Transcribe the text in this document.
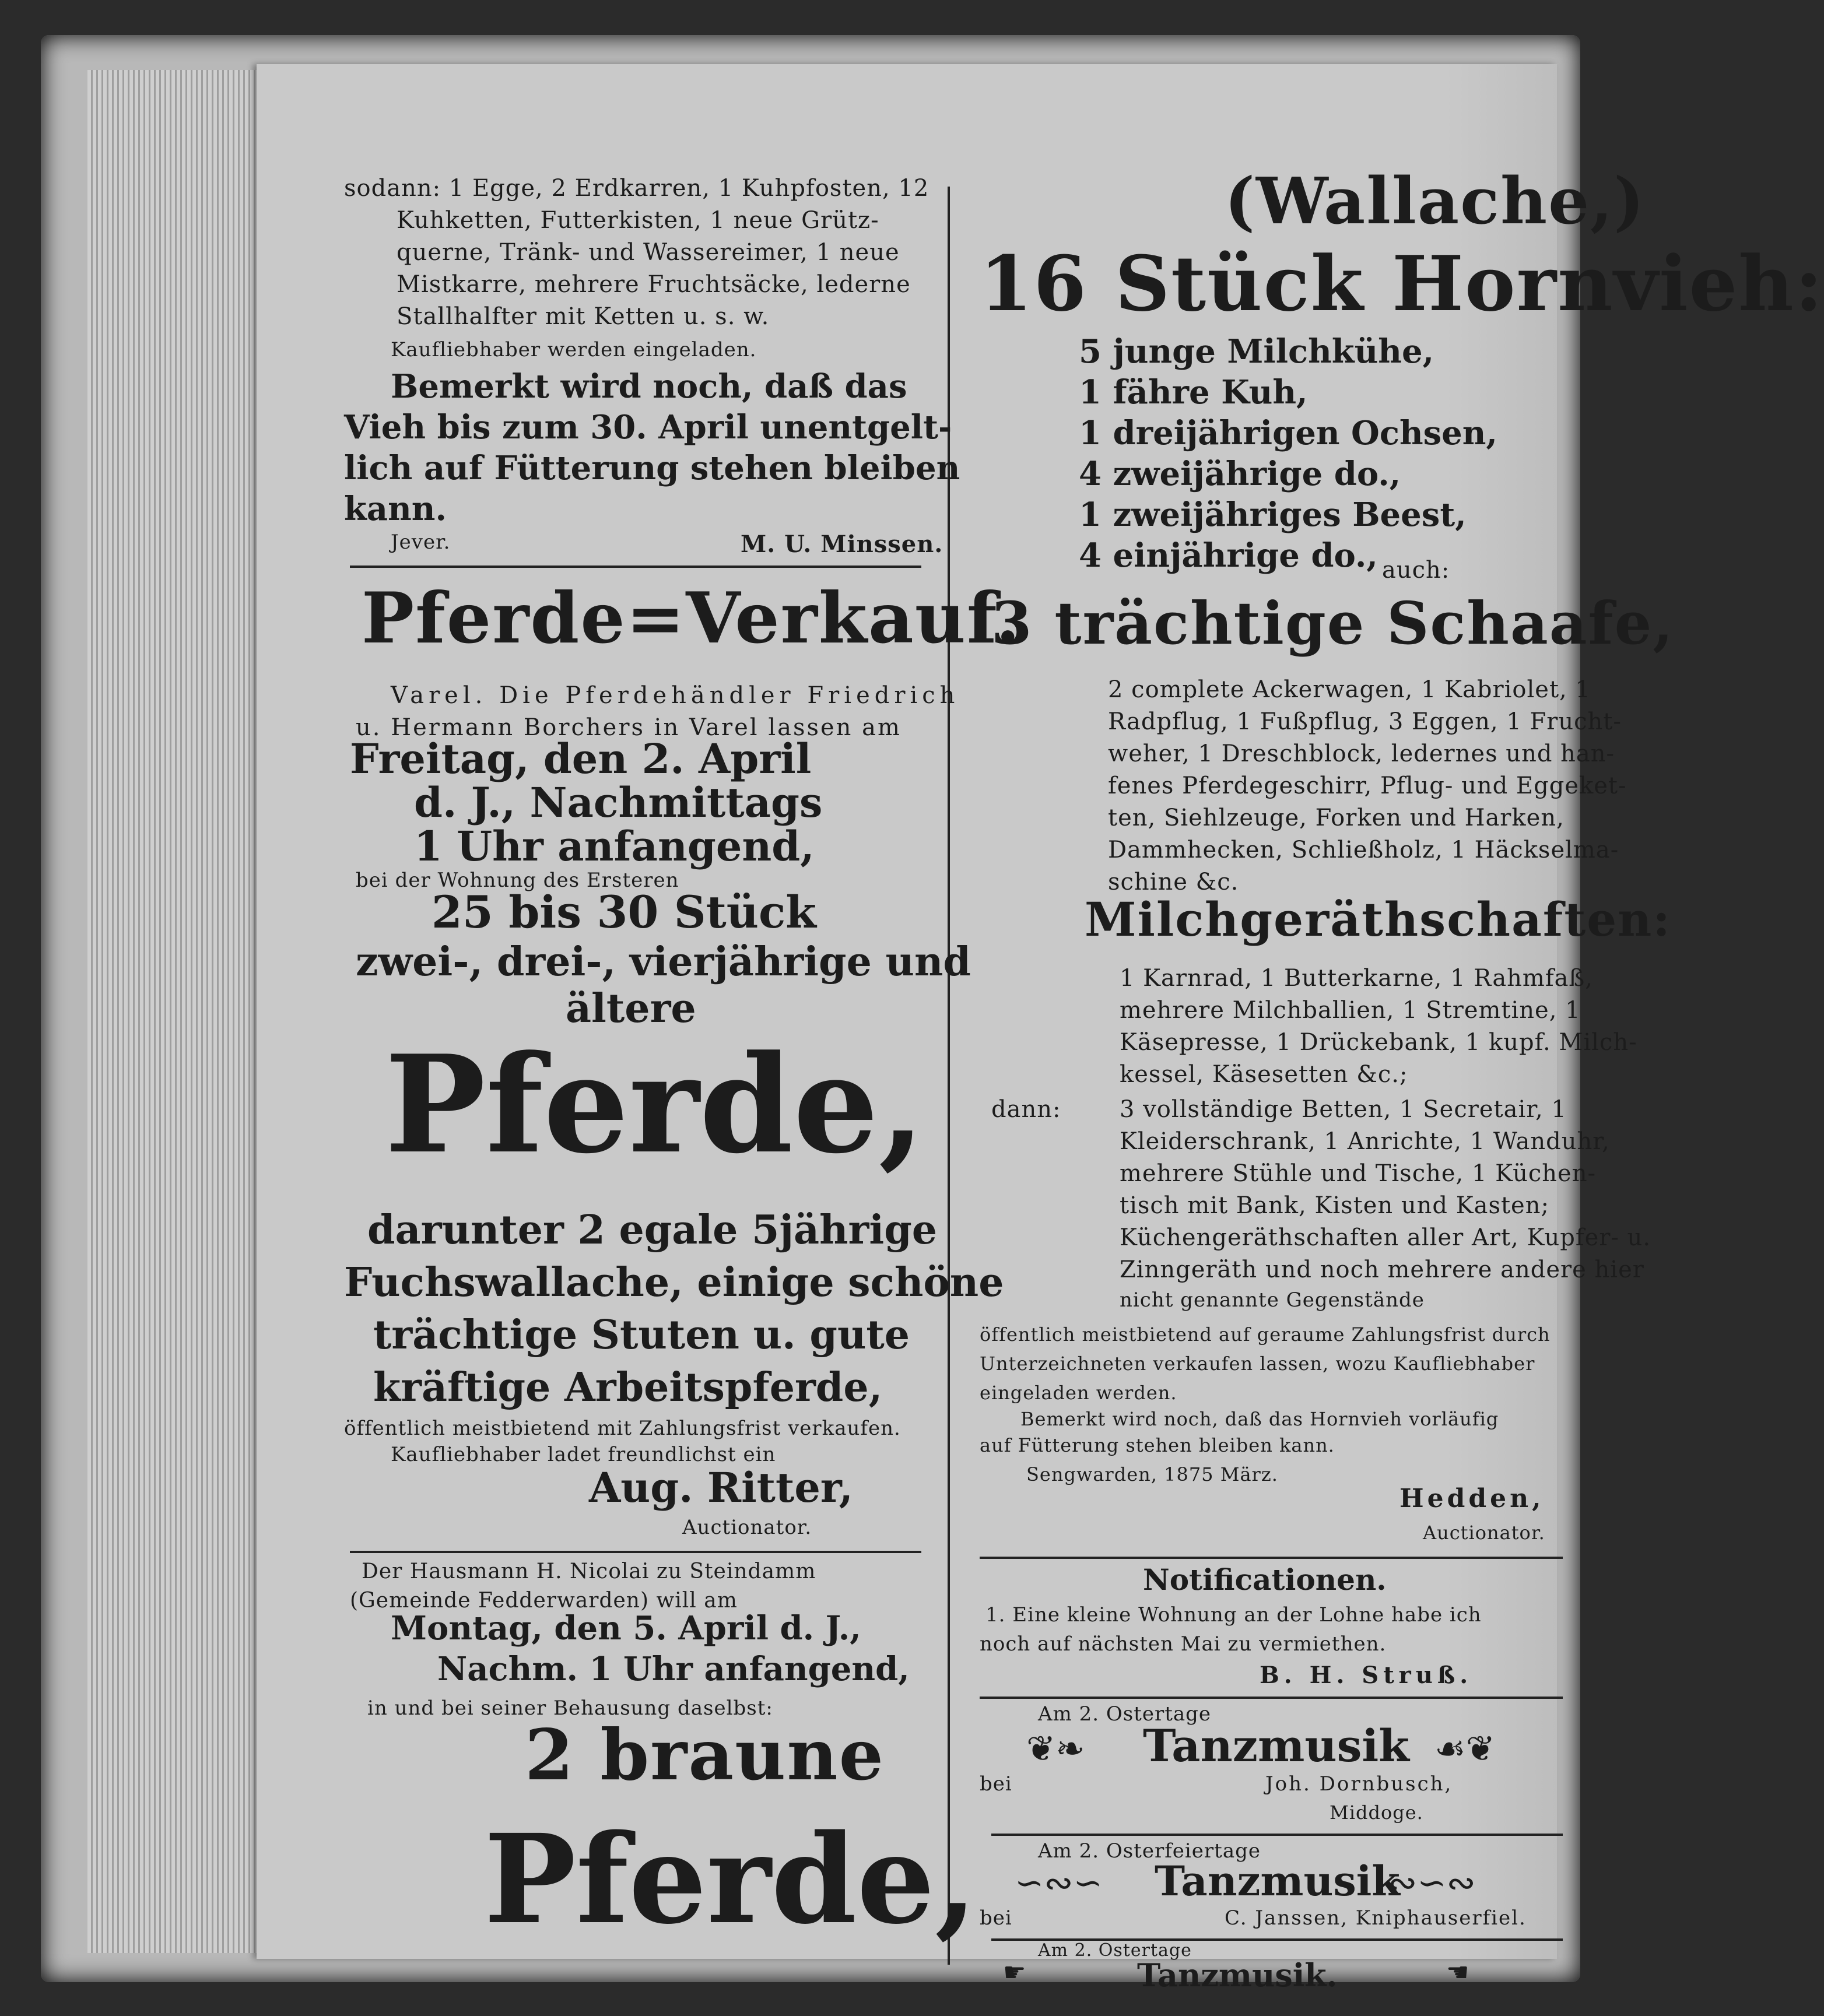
sodann: 1 Egge, 2 Erdkarren, 1 Kuhpfosten, 12
Kuhketten, Futterkisten, 1 neue Grütz-
querne, Tränk- und Wassereimer, 1 neue
Mistkarre, mehrere Fruchtsäcke, lederne
Stallhalfter mit Ketten u. s. w.
Kaufliebhaber werden eingeladen.
Bemerkt wird noch, daß das
Vieh bis zum 30. April unentgelt-
lich auf Fütterung stehen bleiben
kann.
Jever.	M. U. Minssen.
Pferde=Verkauf.
Varel. Die Pferdehändler Friedrich
u. Hermann Borchers in Varel lassen am
Freitag, den 2. April
d. J., Nachmittags
1 Uhr anfangend,
bei der Wohnung des Ersteren
25 bis 30 Stück
zwei-, drei-, vierjährige und
ältere
Pferde,
darunter 2 egale 5jährige
Fuchswallache, einige schöne
trächtige Stuten u. gute
kräftige Arbeitspferde,
öffentlich meistbietend mit Zahlungsfrist verkaufen.
Kaufliebhaber ladet freundlichst ein
Aug. Ritter,
Auctionator.
Der Hausmann H. Nicolai zu Steindamm
(Gemeinde Fedderwarden) will am
Montag, den 5. April d. J.,
Nachm. 1 Uhr anfangend,
in und bei seiner Behausung daselbst:
2 braune
Pferde,
(Wallache,)
16 Stück Hornvieh:
5 junge Milchkühe,
1 fähre Kuh,
1 dreijährigen Ochsen,
4 zweijährige do.,
1 zweijähriges Beest,
4 einjährige do., auch:
3 trächtige Schaafe,
2 complete Ackerwagen, 1 Kabriolet, 1
Radpflug, 1 Fußpflug, 3 Eggen, 1 Frucht-
weher, 1 Dreschblock, ledernes und han-
fenes Pferdegeschirr, Pflug- und Eggeket-
ten, Siehlzeuge, Forken und Harken,
Dammhecken, Schließholz, 1 Häckselma-
schine &c.
Milchgeräthschaften:
1 Karnrad, 1 Butterkarne, 1 Rahmfaß,
mehrere Milchballien, 1 Stremtine, 1
Käsepresse, 1 Drückebank, 1 kupf. Milch-
kessel, Käsesetten &c.;
dann:	3 vollständige Betten, 1 Secretair, 1
Kleiderschrank, 1 Anrichte, 1 Wanduhr,
mehrere Stühle und Tische, 1 Küchen-
tisch mit Bank, Kisten und Kasten;
Küchengeräthschaften aller Art, Kupfer- u.
Zinngeräth und noch mehrere andere hier
nicht genannte Gegenstände
öffentlich meistbietend auf geraume Zahlungsfrist durch
Unterzeichneten verkaufen lassen, wozu Kaufliebhaber
eingeladen werden.
Bemerkt wird noch, daß das Hornvieh vorläufig
auf Fütterung stehen bleiben kann.
Sengwarden, 1875 März.
Hedden,
Auctionator.
Notificationen.
1. Eine kleine Wohnung an der Lohne habe ich
noch auf nächsten Mai zu vermiethen.
B. H. Struß.
Am 2. Ostertage
❦❧ Tanzmusik ☙❦
bei	Joh. Dornbusch,
Middoge.
Am 2. Osterfeiertage
∽∾∽ Tanzmusik
∾∽∾
bei	C. Janssen, Kniphauserfiel.
Am 2. Ostertage
☛	Tanzmusik.	☚
